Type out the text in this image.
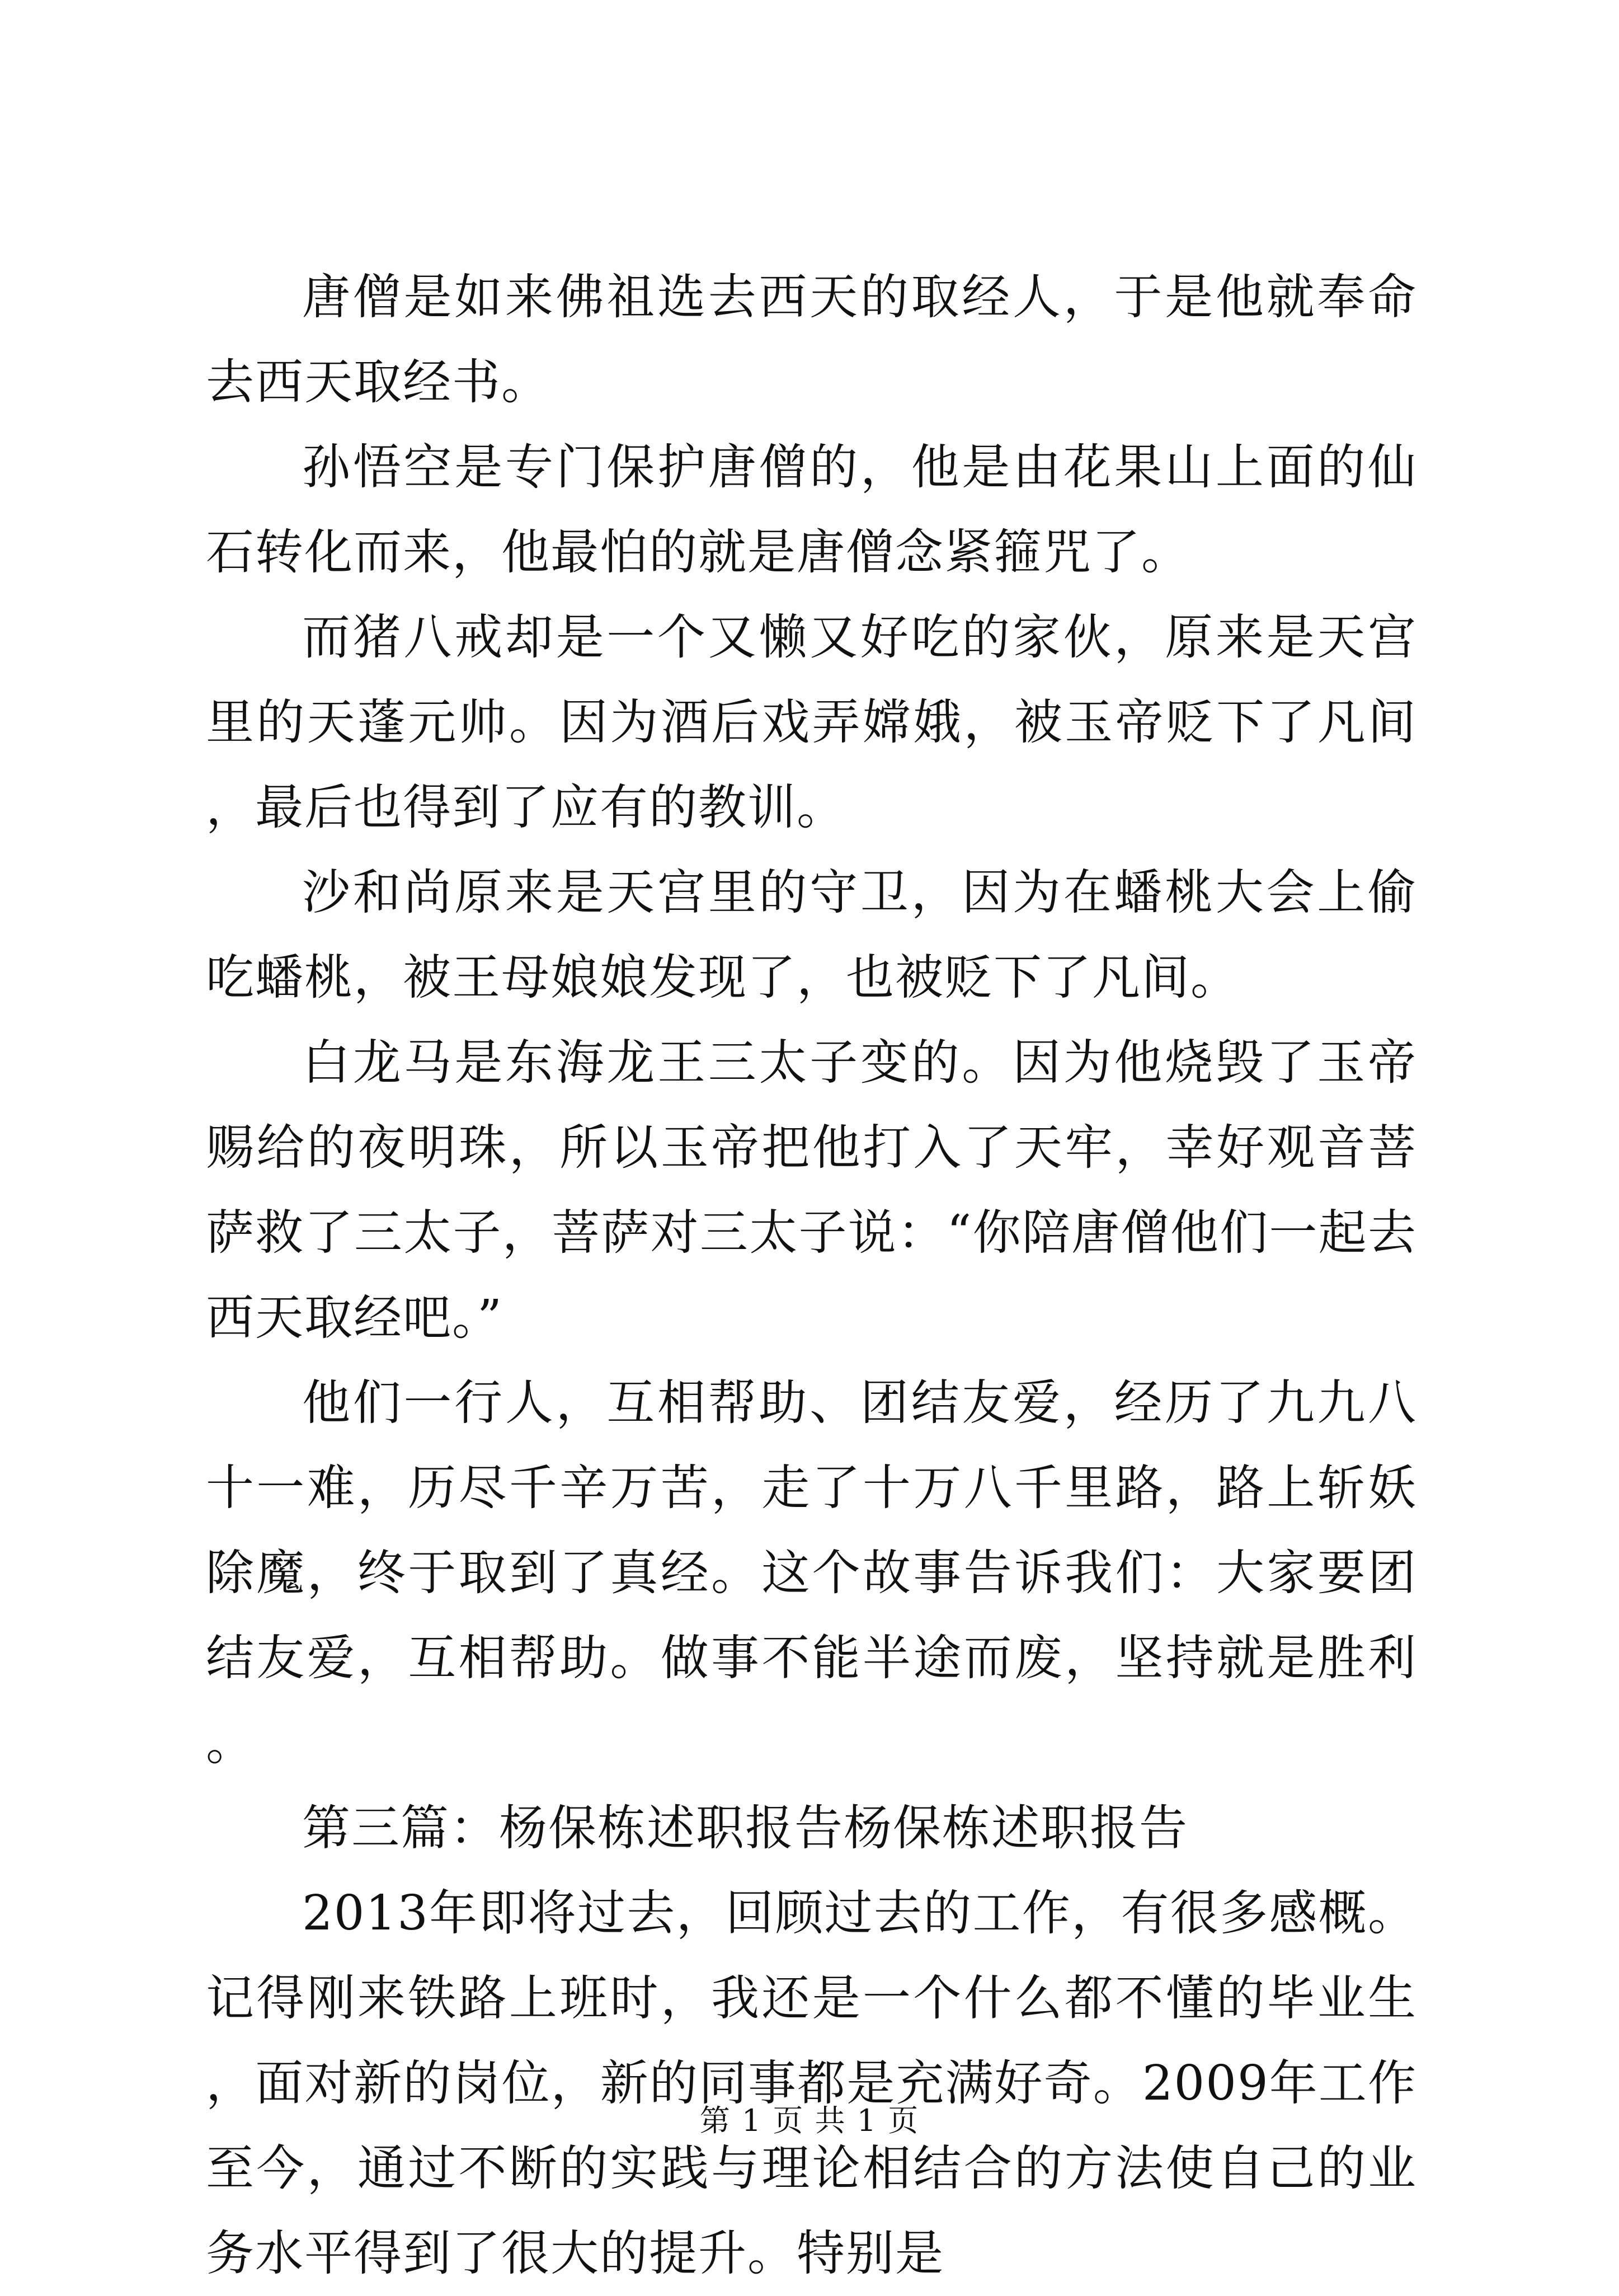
唐僧是如来佛祖选去西天的取经人，于是他就奉命去西天取经书。

孙悟空是专门保护唐僧的，他是由花果山上面的仙石转化而来，他最怕的就是唐僧念紧箍咒了。

而猪八戒却是一个又懒又好吃的家伙，原来是天宫里的天蓬元帅。因为酒后戏弄嫦娥，被玉帝贬下了凡间，最后也得到了应有的教训。

沙和尚原来是天宫里的守卫，因为在蟠桃大会上偷吃蟠桃，被王母娘娘发现了，也被贬下了凡间。

白龙马是东海龙王三太子变的。因为他烧毁了玉帝赐给的夜明珠，所以玉帝把他打入了天牢，幸好观音菩萨救了三太子，菩萨对三太子说：“你陪唐僧他们一起去西天取经吧。”

他们一行人，互相帮助、团结友爱，经历了九九八十一难，历尽千辛万苦，走了十万八千里路，路上斩妖除魔，终于取到了真经。这个故事告诉我们：大家要团结友爱，互相帮助。做事不能半途而废，坚持就是胜利。

第三篇：杨保栋述职报告杨保栋述职报告

2013年即将过去，回顾过去的工作，有很多感概。记得刚来铁路上班时，我还是一个什么都不懂的毕业生，面对新的岗位，新的同事都是充满好奇。2009年工作至今，通过不断的实践与理论相结合的方法使自己的业务水平得到了很大的提升。特别是

第 1 页 共 1 页
